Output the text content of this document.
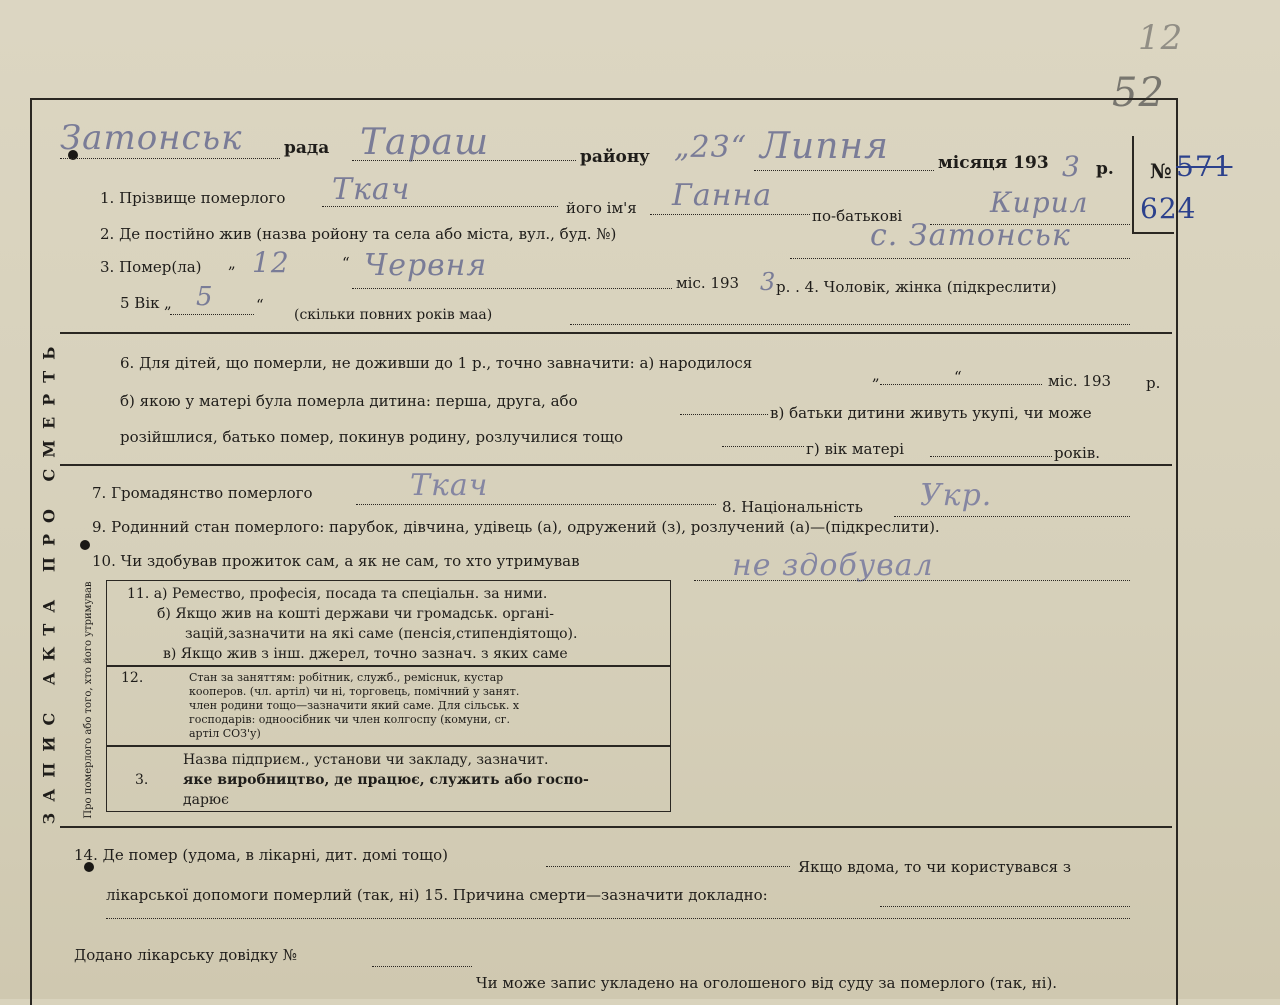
12
52
№ 571
624
Затонськ рада Тараш	районy „23“ Липня	місяця 193 3 р.
1. Прізвище померлого Ткач
його ім'я Ганна
по-батькові	Кирил
2. Де постійно жив (назва ройону та села або міста, вул., буд. №)	с. Затонськ
3. Помер(ла) „ 12	“ Червня	міс. 193 3 р. . 4. Чоловік, жінка (підкреслити)
5 Вік „ 5	“
(скільки повних років маа)
6. Для дітей, що померли, не доживши до 1 р., точно завначити: а) народилося
„	“	міс. 193 р.
б) якою у матері була померла дитина: перша, друга, або
в) батьки дитини живуть укупі, чи може
розійшлися, батько помер, покинув родину, розлучилися тощо
г) вік матері	років.
7. Громадянство померлого	Ткач
8. Національність Укр.
9. Родинний стан померлого: парубок, дівчина, удівець (а), одружений (з), розлучений (а)—(підкреслити).
10. Чи здобував прожиток сам, а як не сам, то хто утримував	не здобувал
ЗАПИС АКТА ПРО СМЕРТЬ Про померлого або того, хто його утримував 11. а) Ремество, професія, посада та спеціальн. за ними.
б) Якщо жив на коштi держави чи громадськ. органі-
зацій,зазначити на які саме (пенсія,стипендіятощо).
в) Якщо жив з інш. джерел, точно зазнач. з яких саме
12.	Стан за заняттям: робітник, служб., реміснuк, кустар
кооперов. (чл. артіл) чи ні, торговець, помічний у занят.
член родини тощо—зазначити який саме. Для сільськ. х
господарів: одноосібник чи член колгоспу (комуни, сг.
артіл СОЗ'у)
3.
Назва підприєм., установи чи закладу, зазначит.
яке виробництво, де працює, служить або госпо-
дарює
14. Де помер (удома, в лікарні, дит. домі тощо)
Якщо вдома, то чи користувався з
лікарської допомоги померлий (так, ні) 15. Причина смерти—зазначити докладно:
Додано лікарську довідку №
Чи може запис укладено на оголошеного від суду за померлого (так, ні).
